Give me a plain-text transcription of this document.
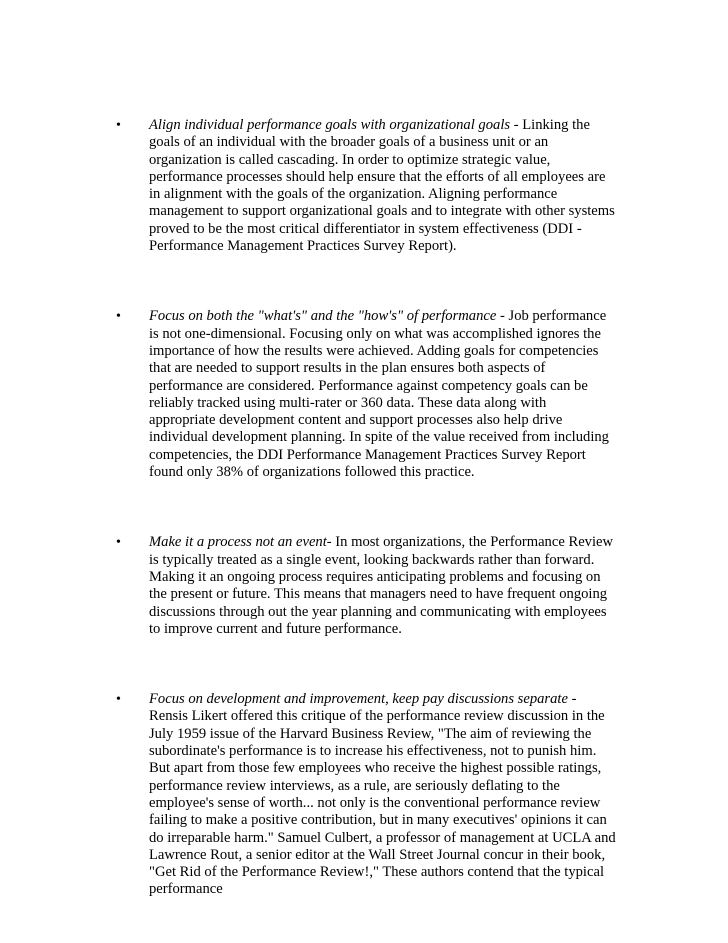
• Align individual performance goals with organizational goals - Linking the goals of an individual with the broader goals of a business unit or an organization is called cascading. In order to optimize strategic value, performance processes should help ensure that the efforts of all employees are in alignment with the goals of the organization. Aligning performance management to support organizational goals and to integrate with other systems proved to be the most critical differentiator in system effectiveness (DDI - Performance Management Practices Survey Report).
• Focus on both the "what's" and the "how's" of performance - Job performance is not one-dimensional. Focusing only on what was accomplished ignores the importance of how the results were achieved. Adding goals for competencies that are needed to support results in the plan ensures both aspects of performance are considered. Performance against competency goals can be reliably tracked using multi-rater or 360 data. These data along with appropriate development content and support processes also help drive individual development planning. In spite of the value received from including competencies, the DDI Performance Management Practices Survey Report found only 38% of organizations followed this practice.
• Make it a process not an event- In most organizations, the Performance Review is typically treated as a single event, looking backwards rather than forward. Making it an ongoing process requires anticipating problems and focusing on the present or future. This means that managers need to have frequent ongoing discussions through out the year planning and communicating with employees to improve current and future performance.
• Focus on development and improvement, keep pay discussions separate - Rensis Likert offered this critique of the performance review discussion in the July 1959 issue of the Harvard Business Review, "The aim of reviewing the subordinate's performance is to increase his effectiveness, not to punish him. But apart from those few employees who receive the highest possible ratings, performance review interviews, as a rule, are seriously deflating to the employee's sense of worth... not only is the conventional performance review failing to make a positive contribution, but in many executives' opinions it can do irreparable harm." Samuel Culbert, a professor of management at UCLA and Lawrence Rout, a senior editor at the Wall Street Journal concur in their book, "Get Rid of the Performance Review!," These authors contend that the typical performance
